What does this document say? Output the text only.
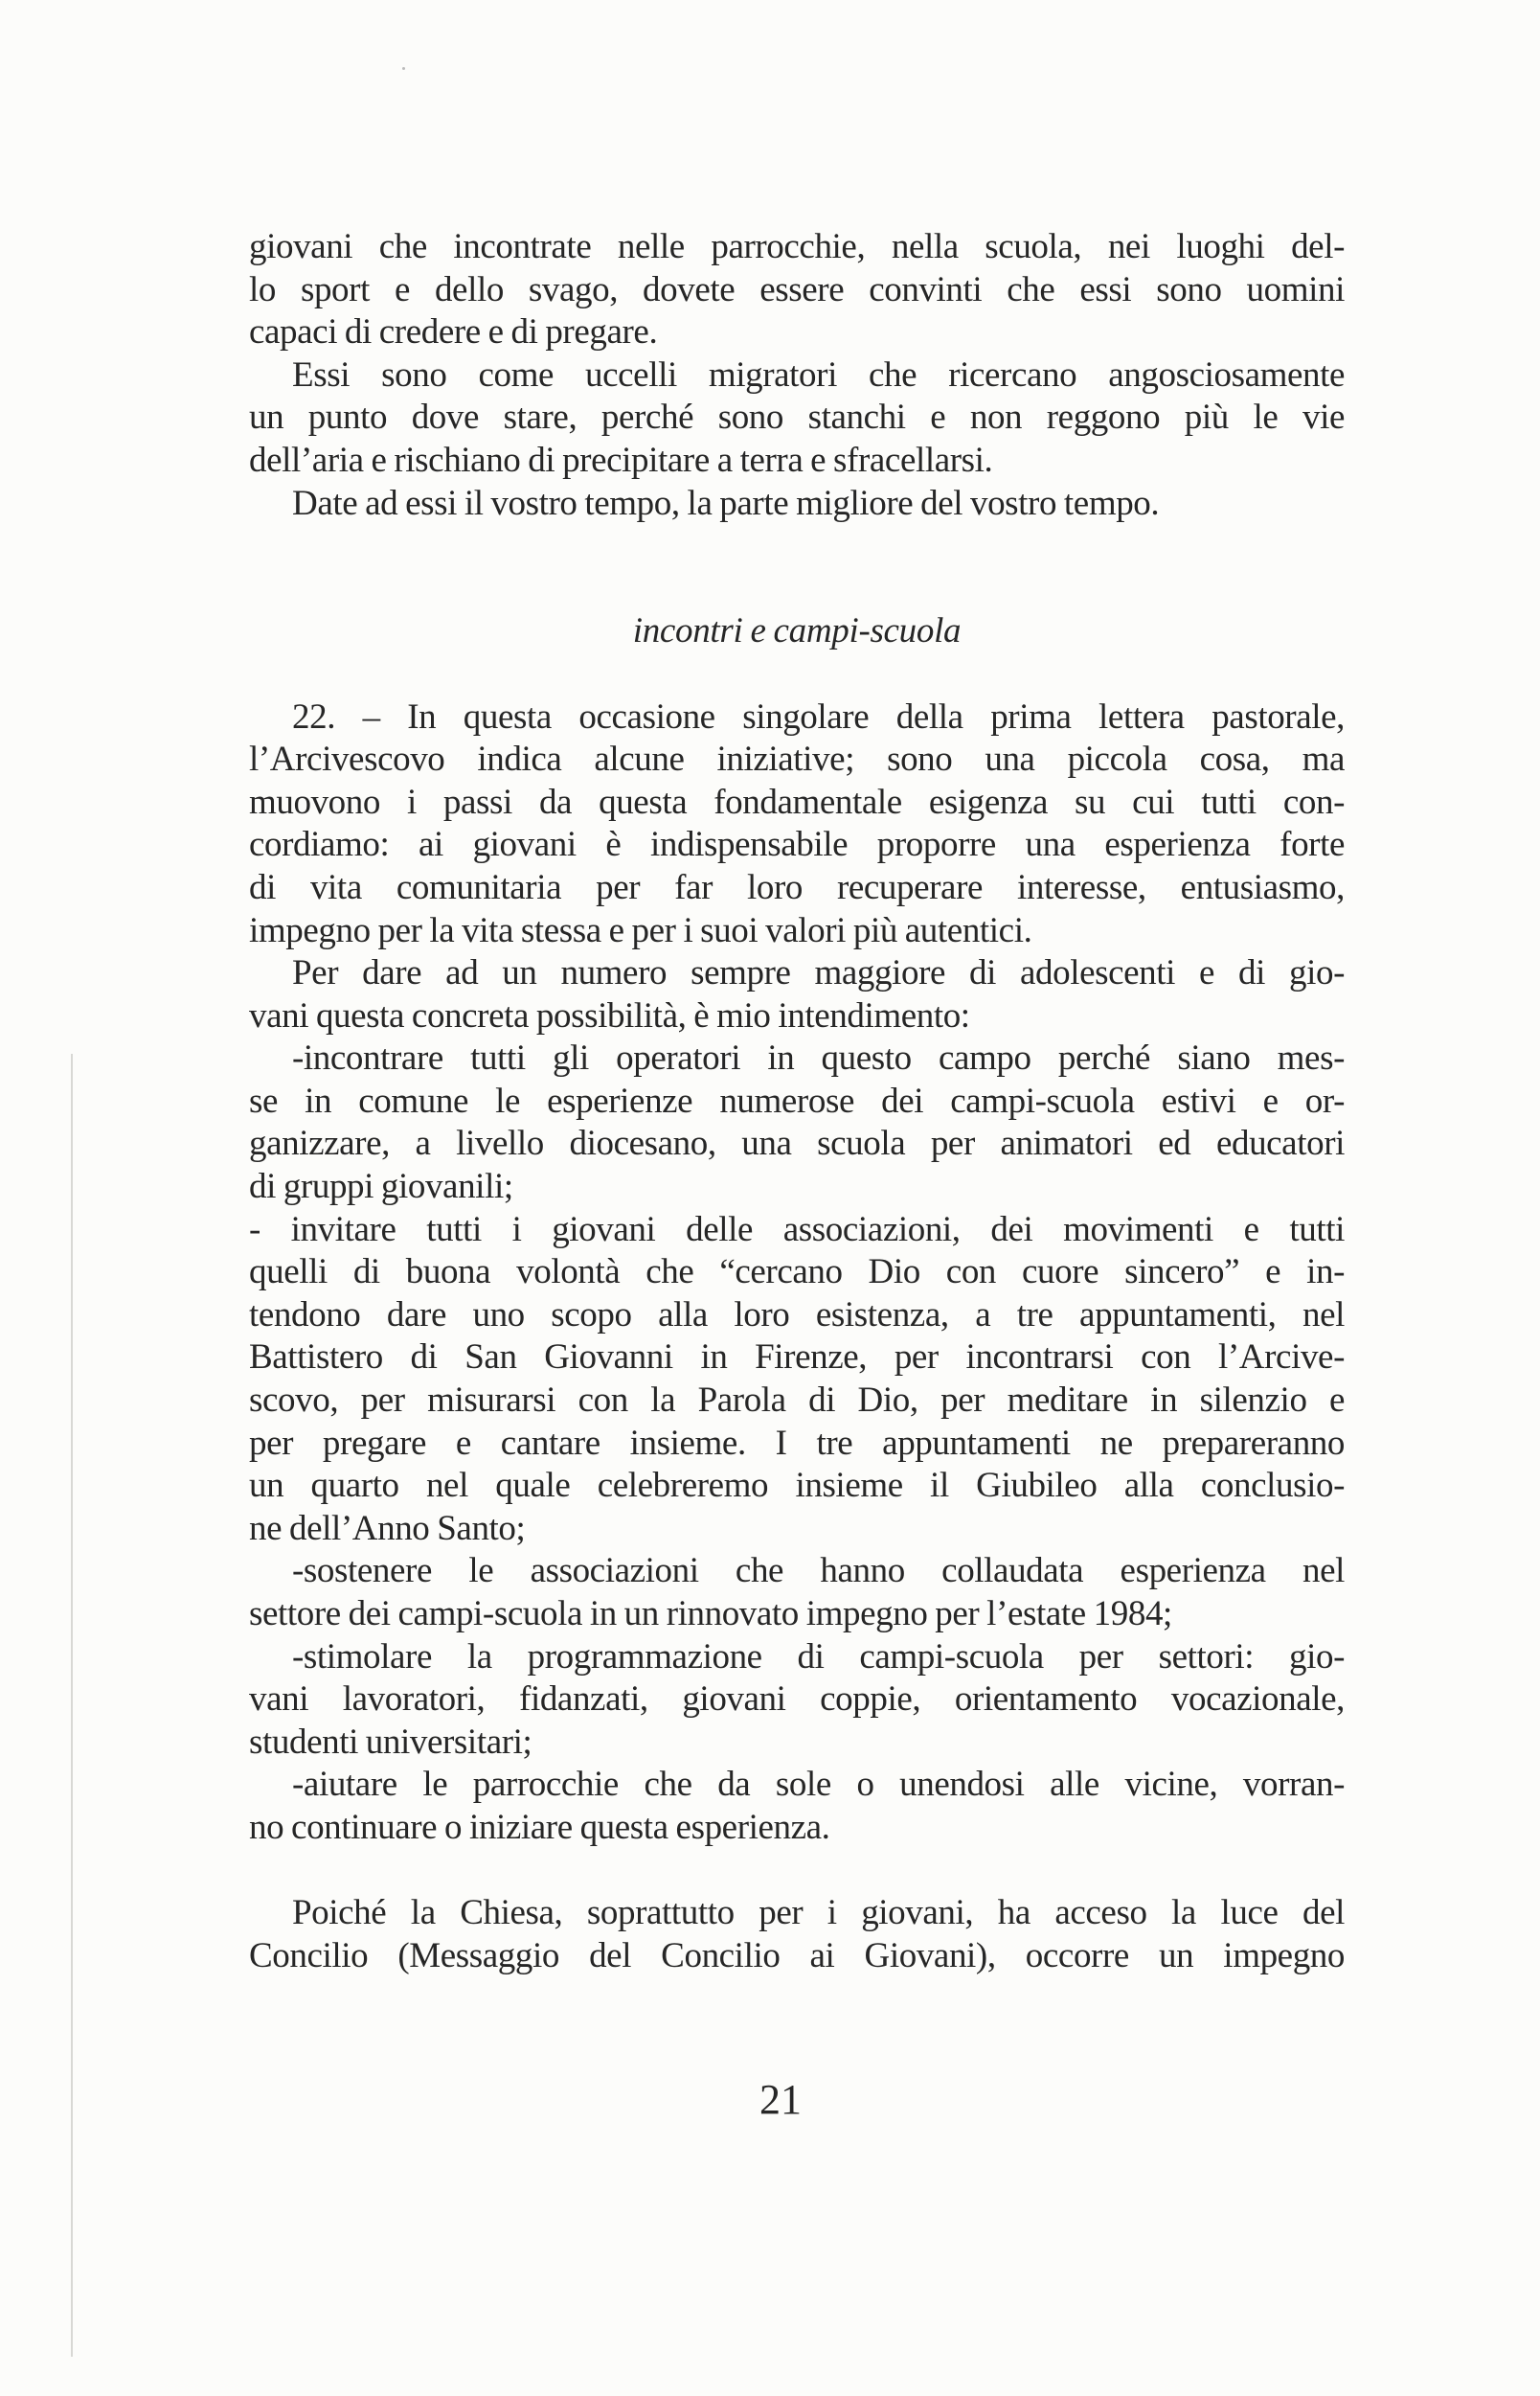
giovani che incontrate nelle parrocchie, nella scuola, nei luoghi del-
lo sport e dello svago, dovete essere convinti che essi sono uomini
capaci di credere e di pregare.
Essi sono come uccelli migratori che ricercano angosciosamente
un punto dove stare, perché sono stanchi e non reggono più le vie
dell’aria e rischiano di precipitare a terra e sfracellarsi.
Date ad essi il vostro tempo, la parte migliore del vostro tempo.
incontri e campi-scuola
22. – In questa occasione singolare della prima lettera pastorale,
l’Arcivescovo indica alcune iniziative; sono una piccola cosa, ma
muovono i passi da questa fondamentale esigenza su cui tutti con-
cordiamo: ai giovani è indispensabile proporre una esperienza forte
di vita comunitaria per far loro recuperare interesse, entusiasmo,
impegno per la vita stessa e per i suoi valori più autentici.
Per dare ad un numero sempre maggiore di adolescenti e di gio-
vani questa concreta possibilità, è mio intendimento:
-incontrare tutti gli operatori in questo campo perché siano mes-
se in comune le esperienze numerose dei campi-scuola estivi e or-
ganizzare, a livello diocesano, una scuola per animatori ed educatori
di gruppi giovanili;
- invitare tutti i giovani delle associazioni, dei movimenti e tutti
quelli di buona volontà che “cercano Dio con cuore sincero” e in-
tendono dare uno scopo alla loro esistenza, a tre appuntamenti, nel
Battistero di San Giovanni in Firenze, per incontrarsi con l’Arcive-
scovo, per misurarsi con la Parola di Dio, per meditare in silenzio e
per pregare e cantare insieme. I tre appuntamenti ne prepareranno
un quarto nel quale celebreremo insieme il Giubileo alla conclusio-
ne dell’Anno Santo;
-sostenere le associazioni che hanno collaudata esperienza nel
settore dei campi-scuola in un rinnovato impegno per l’estate 1984;
-stimolare la programmazione di campi-scuola per settori: gio-
vani lavoratori, fidanzati, giovani coppie, orientamento vocazionale,
studenti universitari;
-aiutare le parrocchie che da sole o unendosi alle vicine, vorran-
no continuare o iniziare questa esperienza.
Poiché la Chiesa, soprattutto per i giovani, ha acceso la luce del
Concilio (Messaggio del Concilio ai Giovani), occorre un impegno
21
